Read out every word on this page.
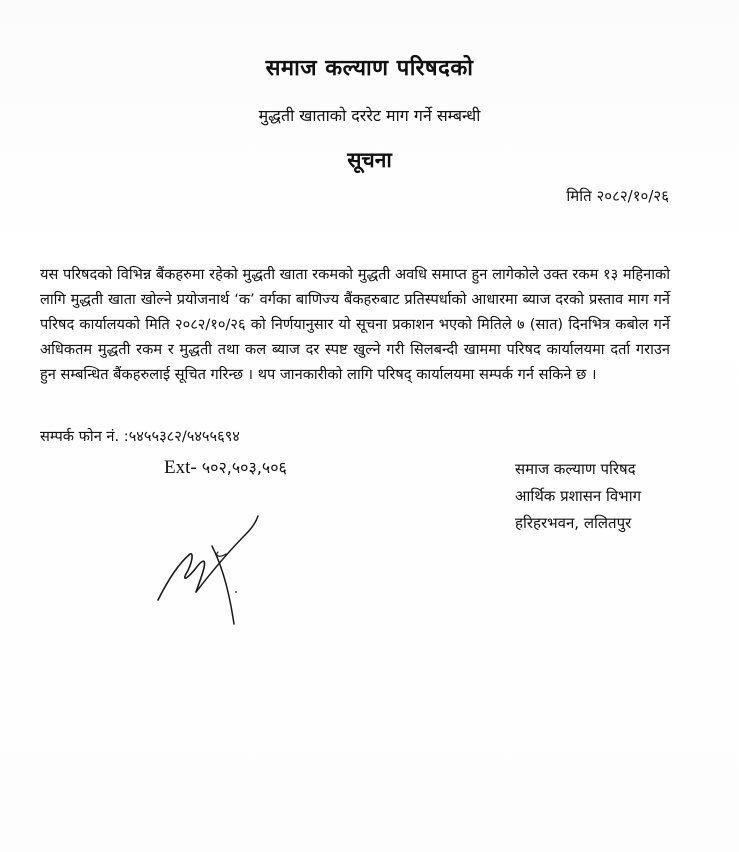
समाज कल्याण परिषदको
मुद्धती खाताको दररेट माग गर्ने सम्बन्धी
सूचना
मिति २०८२/१०/२६
यस परिषदको विभिन्न बैंकहरुमा रहेको मुद्धती खाता रकमको मुद्धती अवधि समाप्त हुन लागेकोले उक्त रकम १३ महिनाको लागि मुद्धती खाता खोल्ने प्रयोजनार्थ ‘क’ वर्गका बाणिज्य बैंकहरुबाट प्रतिस्पर्धाको आधारमा ब्याज दरको प्रस्ताव माग गर्ने परिषद कार्यालयको मिति २०८२/१०/२६ को निर्णयानुसार यो सूचना प्रकाशन भएको मितिले ७ (सात) दिनभित्र कबोल गर्ने अधिकतम मुद्धती रकम र मुद्धती तथा कल ब्याज दर स्पष्ट खुल्ने गरी सिलबन्दी खाममा परिषद कार्यालयमा दर्ता गराउन हुन सम्बन्धित बैंकहरुलाई सूचित गरिन्छ । थप जानकारीको लागि परिषद् कार्यालयमा सम्पर्क गर्न सकिने छ ।
सम्पर्क फोन नं. :५४५५३८२/५४५५६९४
Ext- ५०२,५०३,५०६	समाज कल्याण परिषद
आर्थिक प्रशासन विभाग
हरिहरभवन, ललितपुर
